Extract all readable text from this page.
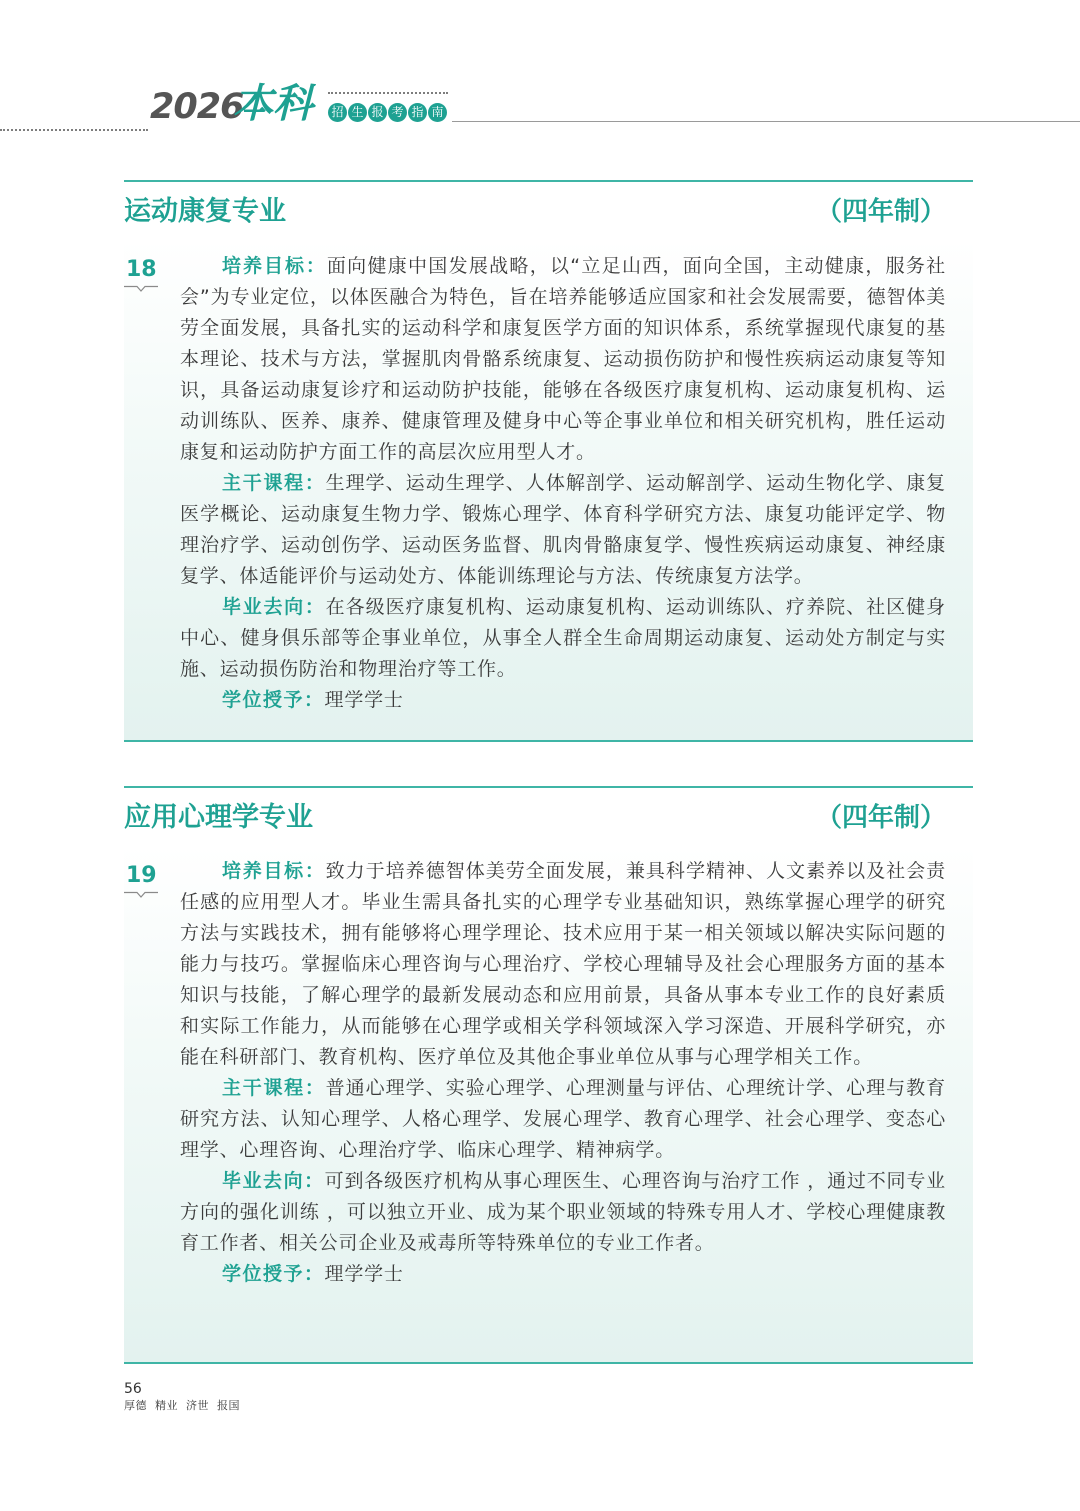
2026
本科 招 生 报 考 指 南
运动康复专业	（四年制）
18	培养目标：面向健康中国发展战略，以“立足山西，面向全国，主动健康，服务社会”为专业定位，以体医融合为特色，旨在培养能够适应国家和社会发展需要，德智体美劳全面发展，具备扎实的运动科学和康复医学方面的知识体系，系统掌握现代康复的基本理论、技术与方法，掌握肌肉骨骼系统康复、运动损伤防护和慢性疾病运动康复等知识，具备运动康复诊疗和运动防护技能，能够在各级医疗康复机构、运动康复机构、运动训练队、医养、康养、健康管理及健身中心等企事业单位和相关研究机构，胜任运动康复和运动防护方面工作的高层次应用型人才。

主干课程：生理学、运动生理学、人体解剖学、运动解剖学、运动生物化学、康复医学概论、运动康复生物力学、锻炼心理学、体育科学研究方法、康复功能评定学、物理治疗学、运动创伤学、运动医务监督、肌肉骨骼康复学、慢性疾病运动康复、神经康复学、体适能评价与运动处方、体能训练理论与方法、传统康复方法学。

毕业去向：在各级医疗康复机构、运动康复机构、运动训练队、疗养院、社区健身中心、健身俱乐部等企事业单位，从事全人群全生命周期运动康复、运动处方制定与实施、运动损伤防治和物理治疗等工作。

学位授予：理学学士

应用心理学专业	（四年制）
19	培养目标：致力于培养德智体美劳全面发展，兼具科学精神、人文素养以及社会责任感的应用型人才。毕业生需具备扎实的心理学专业基础知识，熟练掌握心理学的研究方法与实践技术，拥有能够将心理学理论、技术应用于某一相关领域以解决实际问题的能力与技巧。掌握临床心理咨询与心理治疗、学校心理辅导及社会心理服务方面的基本知识与技能，了解心理学的最新发展动态和应用前景，具备从事本专业工作的良好素质和实际工作能力，从而能够在心理学或相关学科领域深入学习深造、开展科学研究，亦能在科研部门、教育机构、医疗单位及其他企事业单位从事与心理学相关工作。

主干课程：普通心理学、实验心理学、心理测量与评估、心理统计学、心理与教育研究方法、认知心理学、人格心理学、发展心理学、教育心理学、社会心理学、变态心理学、心理咨询、心理治疗学、临床心理学、精神病学。

毕业去向：可到各级医疗机构从事心理医生、心理咨询与治疗工作 ，通过不同专业方向的强化训练 ，可以独立开业、成为某个职业领域的特殊专用人才、学校心理健康教育工作者、相关公司企业及戒毒所等特殊单位的专业工作者。

学位授予：理学学士

56
厚德  精业  济世  报国
